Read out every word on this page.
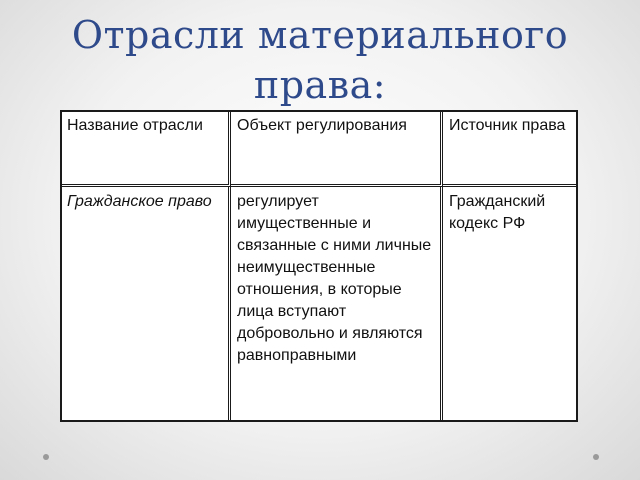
Отрасли материального права:
Название отрасли	Объект регулирования	Источник права
Гражданское право	регулирует имущественные и связанные с ними личные неимущественные отношения, в которые лица вступают добровольно и являются равноправными	Гражданский кодекс РФ
